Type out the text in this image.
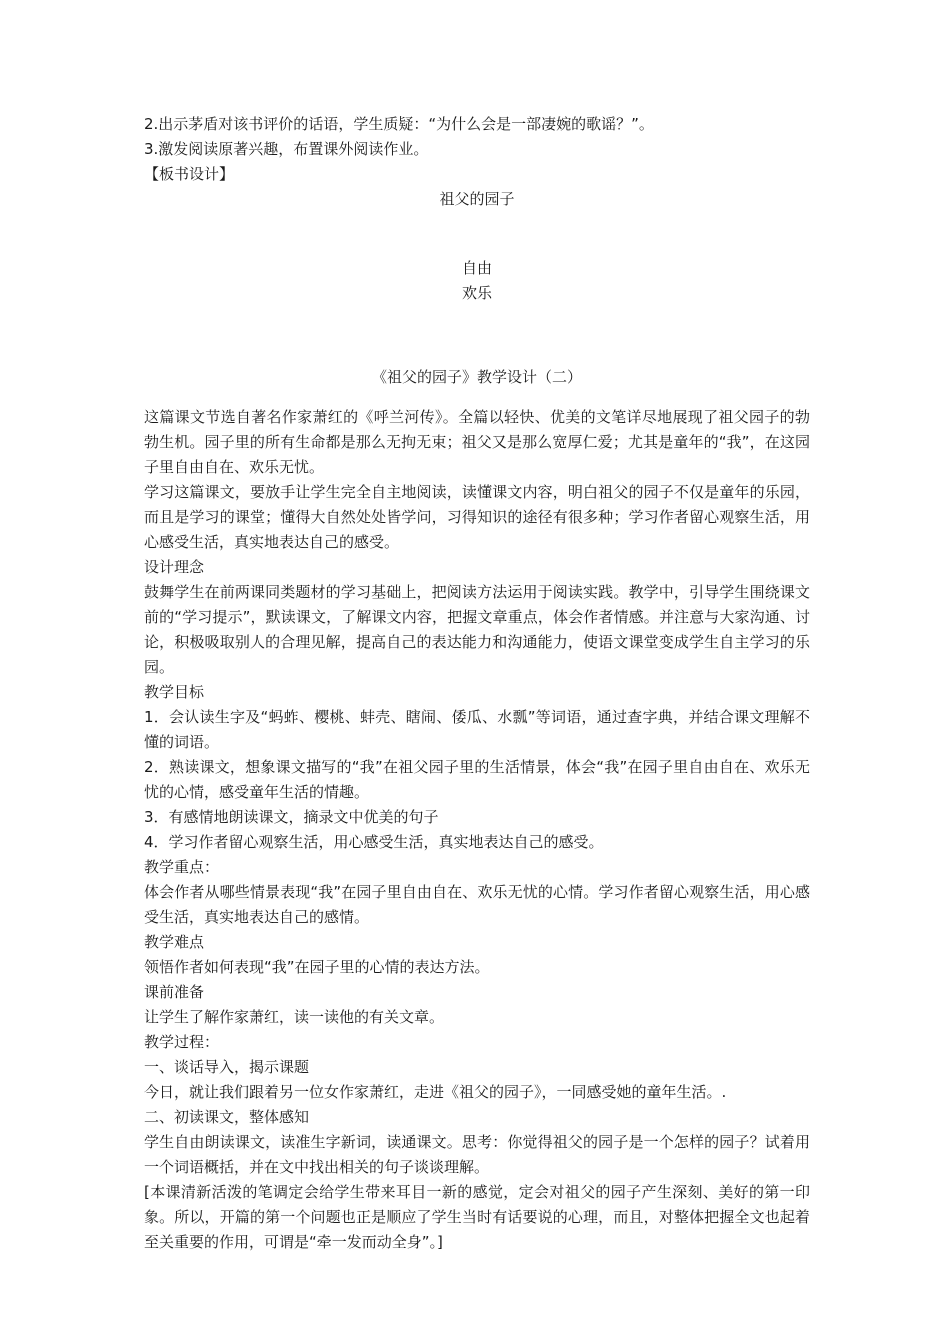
2.出示茅盾对该书评价的话语，学生质疑：“为什么会是一部凄婉的歌谣？”。

3.激发阅读原著兴趣，布置课外阅读作业。

【板书设计】

祖父的园子

自由

欢乐

《祖父的园子》教学设计（二）

这篇课文节选自著名作家萧红的《呼兰河传》。全篇以轻快、优美的文笔详尽地展现了祖父园子的勃勃生机。园子里的所有生命都是那么无拘无束；祖父又是那么宽厚仁爱；尤其是童年的“我”，在这园子里自由自在、欢乐无忧。

学习这篇课文，要放手让学生完全自主地阅读，读懂课文内容，明白祖父的园子不仅是童年的乐园，而且是学习的课堂；懂得大自然处处皆学问，习得知识的途径有很多种；学习作者留心观察生活，用心感受生活，真实地表达自己的感受。

设计理念

鼓舞学生在前两课同类题材的学习基础上，把阅读方法运用于阅读实践。教学中，引导学生围绕课文前的“学习提示”，默读课文，了解课文内容，把握文章重点，体会作者情感。并注意与大家沟通、讨论，积极吸取别人的合理见解，提高自己的表达能力和沟通能力，使语文课堂变成学生自主学习的乐园。

教学目标

1．会认读生字及“蚂蚱、樱桃、蚌壳、瞎闹、倭瓜、水瓢”等词语，通过查字典，并结合课文理解不懂的词语。

2．熟读课文，想象课文描写的“我”在祖父园子里的生活情景，体会“我”在园子里自由自在、欢乐无忧的心情，感受童年生活的情趣。

3．有感情地朗读课文，摘录文中优美的句子

4．学习作者留心观察生活，用心感受生活，真实地表达自己的感受。

教学重点：

体会作者从哪些情景表现“我”在园子里自由自在、欢乐无忧的心情。学习作者留心观察生活，用心感受生活，真实地表达自己的感情。

教学难点

领悟作者如何表现“我”在园子里的心情的表达方法。

课前准备

让学生了解作家萧红，读一读他的有关文章。

教学过程：

一、谈话导入，揭示课题

今日，就让我们跟着另一位女作家萧红，走进《祖父的园子》，一同感受她的童年生活。.

二、初读课文，整体感知

学生自由朗读课文，读准生字新词，读通课文。思考：你觉得祖父的园子是一个怎样的园子？试着用一个词语概括，并在文中找出相关的句子谈谈理解。

[本课清新活泼的笔调定会给学生带来耳目一新的感觉，定会对祖父的园子产生深刻、美好的第一印象。所以，开篇的第一个问题也正是顺应了学生当时有话要说的心理，而且，对整体把握全文也起着至关重要的作用，可谓是“牵一发而动全身”。]
